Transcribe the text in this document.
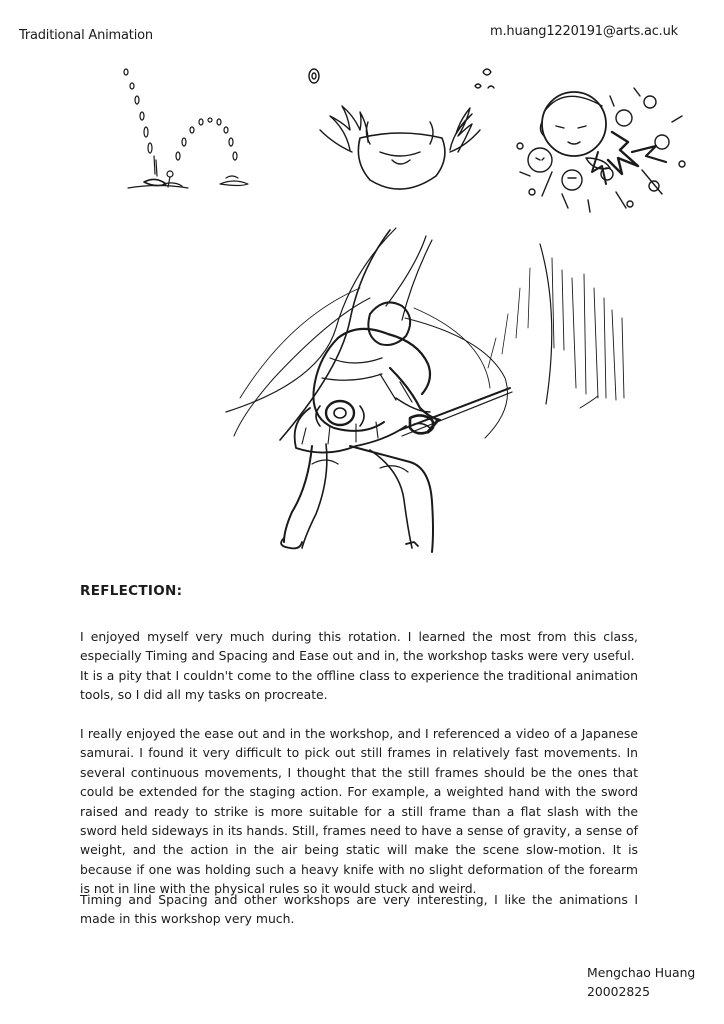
Traditional Animation	m.huang1220191@arts.ac.uk
REFLECTION:

I enjoyed myself very much during this rotation. I learned the most from this class, especially Timing and Spacing and Ease out and in, the workshop tasks were very useful.

It is a pity that I couldn't come to the offline class to experience the traditional animation tools, so I did all my tasks on procreate.

I really enjoyed the ease out and in the workshop, and I referenced a video of a Japanese samurai. I found it very difficult to pick out still frames in relatively fast movements. In several continuous movements, I thought that the still frames should be the ones that could be extended for the staging action. For example, a weighted hand with the sword raised and ready to strike is more suitable for a still frame than a flat slash with the sword held sideways in its hands. Still, frames need to have a sense of gravity, a sense of weight, and the action in the air being static will make the scene slow-motion. It is because if one was holding such a heavy knife with no slight deformation of the forearm is not in line with the physical rules so it would stuck and weird.

Timing and Spacing and other workshops are very interesting, I like the animations I made in this workshop very much.

Mengchao Huang
20002825
